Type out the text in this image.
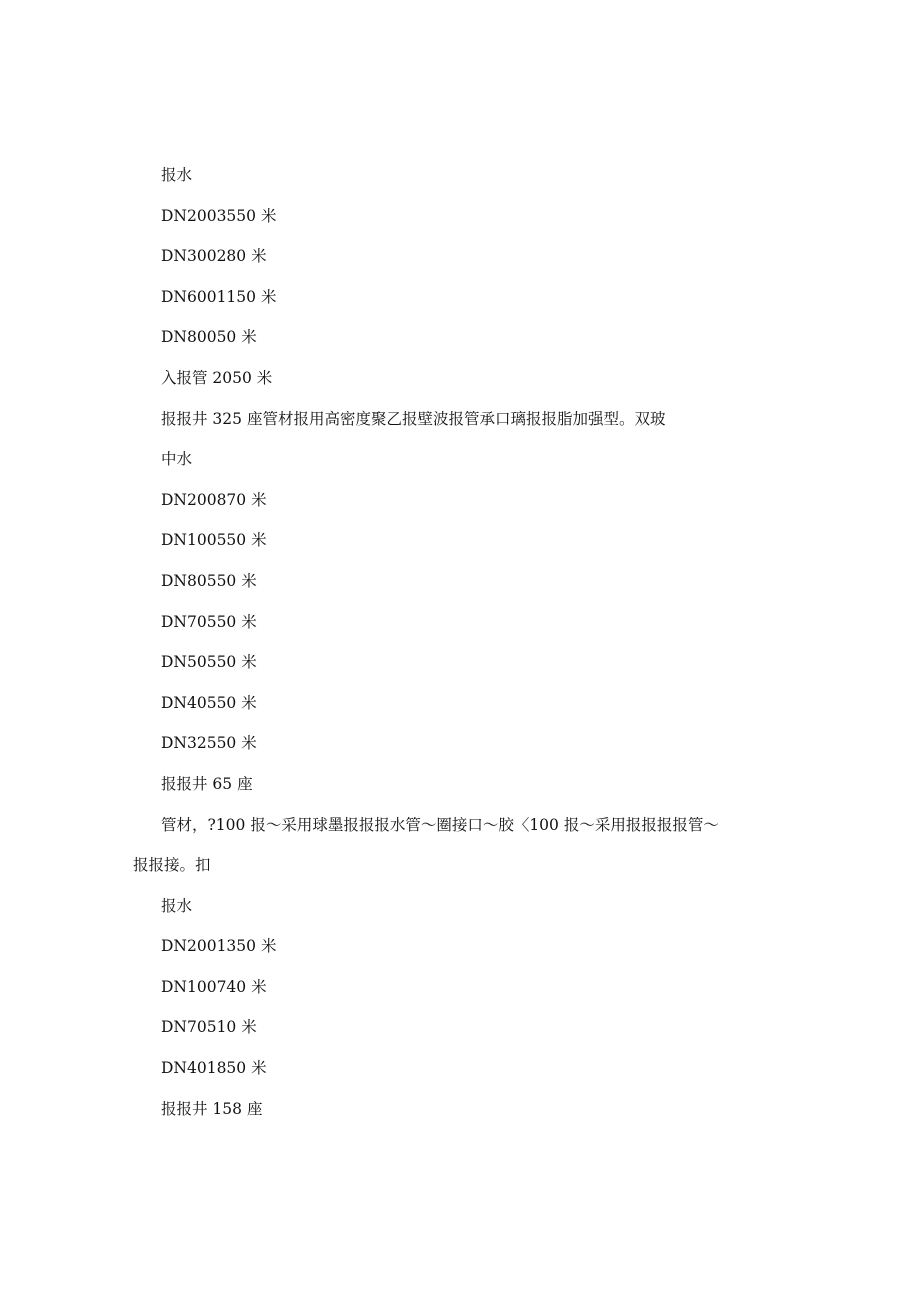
报水
DN2003550 米
DN300280 米
DN6001150 米
DN80050 米
入报管 2050 米
报报井 325 座管材报用高密度聚乙报壁波报管承口璃报报脂加强型。双玻
中水
DN200870 米
DN100550 米
DN80550 米
DN70550 米
DN50550 米
DN40550 米
DN32550 米
报报井 65 座
管材，?100 报～采用球墨报报报水管～圈接口～胶〈100 报～采用报报报报管～
报报接。扣
报水
DN2001350 米
DN100740 米
DN70510 米
DN401850 米
报报井 158 座
